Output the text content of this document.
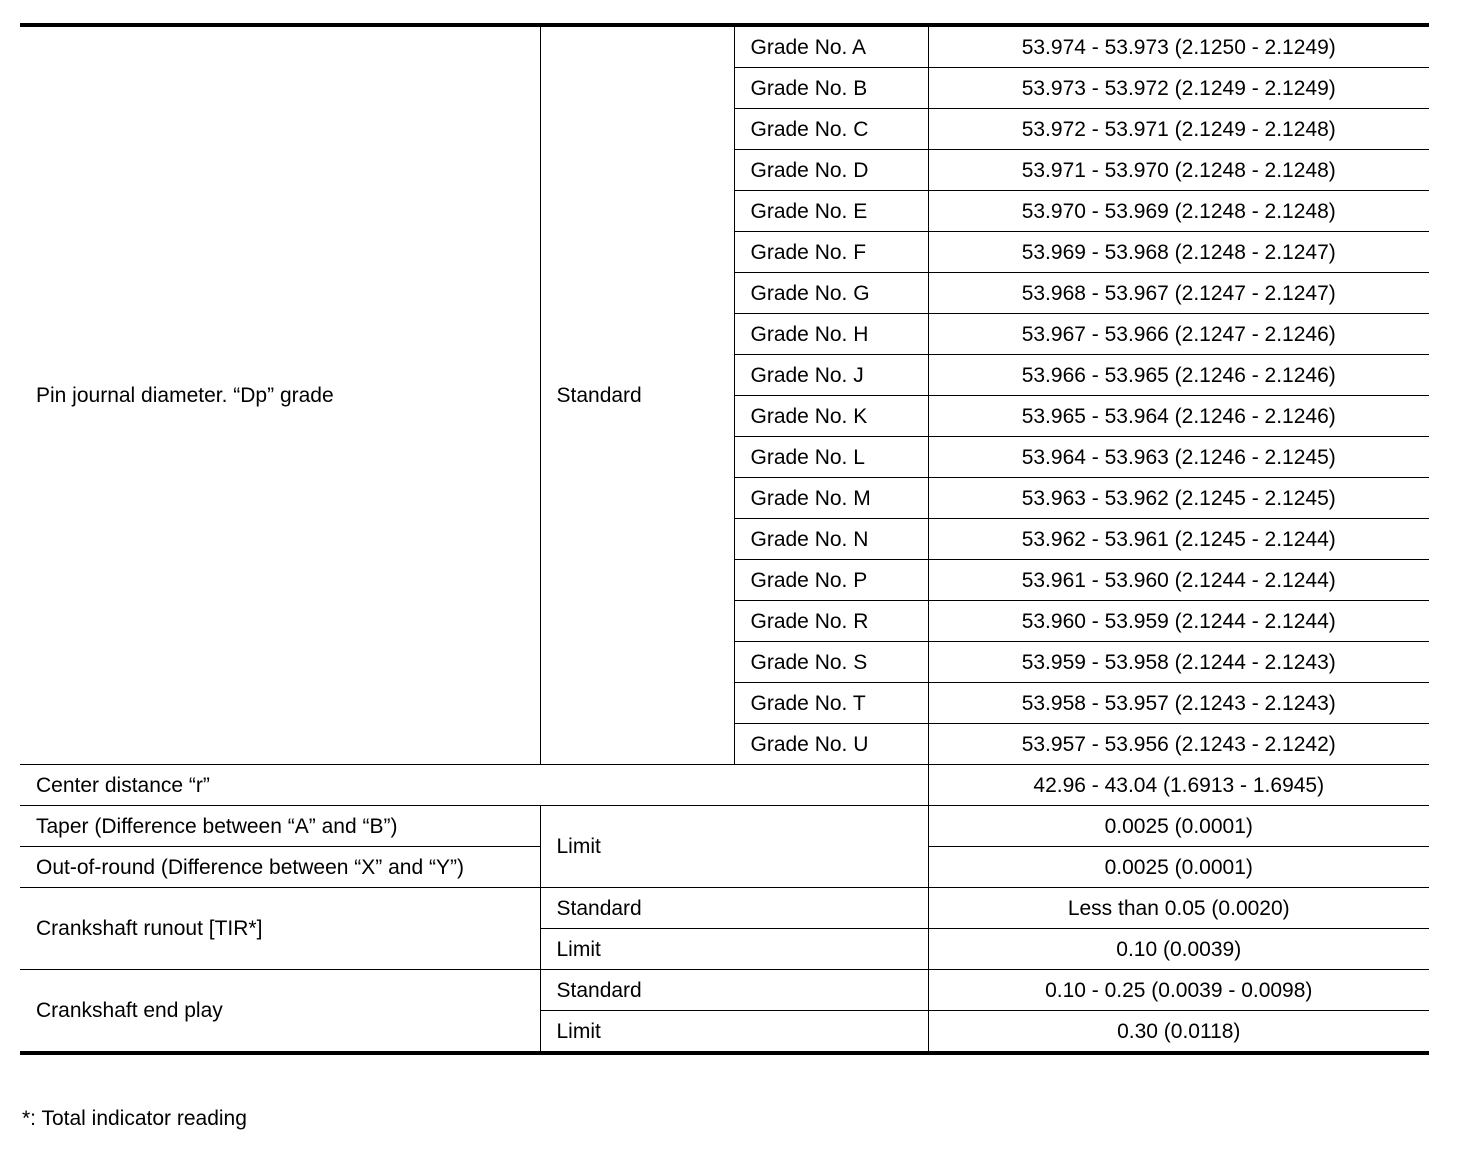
Pin journal diameter. “Dp” grade	Standard	Grade No. A	53.974 - 53.973 (2.1250 - 2.1249)
		Grade No. B	53.973 - 53.972 (2.1249 - 2.1249)
		Grade No. C	53.972 - 53.971 (2.1249 - 2.1248)
		Grade No. D	53.971 - 53.970 (2.1248 - 2.1248)
		Grade No. E	53.970 - 53.969 (2.1248 - 2.1248)
		Grade No. F	53.969 - 53.968 (2.1248 - 2.1247)
		Grade No. G	53.968 - 53.967 (2.1247 - 2.1247)
		Grade No. H	53.967 - 53.966 (2.1247 - 2.1246)
		Grade No. J	53.966 - 53.965 (2.1246 - 2.1246)
		Grade No. K	53.965 - 53.964 (2.1246 - 2.1246)
		Grade No. L	53.964 - 53.963 (2.1246 - 2.1245)
		Grade No. M	53.963 - 53.962 (2.1245 - 2.1245)
		Grade No. N	53.962 - 53.961 (2.1245 - 2.1244)
		Grade No. P	53.961 - 53.960 (2.1244 - 2.1244)
		Grade No. R	53.960 - 53.959 (2.1244 - 2.1244)
		Grade No. S	53.959 - 53.958 (2.1244 - 2.1243)
		Grade No. T	53.958 - 53.957 (2.1243 - 2.1243)
		Grade No. U	53.957 - 53.956 (2.1243 - 2.1242)
Center distance “r”			42.96 - 43.04 (1.6913 - 1.6945)
Taper (Difference between “A” and “B”)	Limit		0.0025 (0.0001)
Out-of-round (Difference between “X” and “Y”)			0.0025 (0.0001)
Crankshaft runout [TIR*]	Standard		Less than 0.05 (0.0020)
	Limit		0.10 (0.0039)
Crankshaft end play	Standard		0.10 - 0.25 (0.0039 - 0.0098)
	Limit		0.30 (0.0118)
*: Total indicator reading
